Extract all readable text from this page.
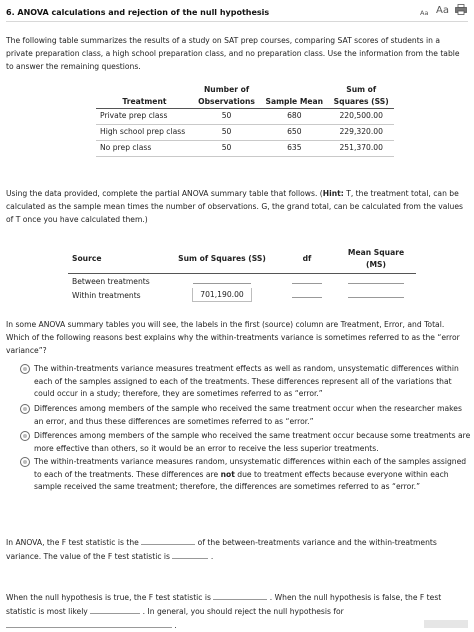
6. ANOVA calculations and rejection of the null hypothesis	Aa Aa
The following table summarizes the results of a study on SAT prep courses, comparing SAT scores of students in a private preparation class, a high school preparation class, and no preparation class. Use the information from the table to answer the remaining questions.
	Number of		Sum of
Treatment	Observations	Sample Mean	Squares (SS)
Private prep class	50	680	220,500.00
High school prep class	50	650	229,320.00
No prep class	50	635	251,370.00
Using the data provided, complete the partial ANOVA summary table that follows. (Hint: T, the treatment total, can be calculated as the sample mean times the number of observations. G, the grand total, can be calculated from the values of T once you have calculated them.)
Source	Sum of Squares (SS)	df	Mean Square (MS)
Between treatments			
Within treatments	701,190.00		
In some ANOVA summary tables you will see, the labels in the first (source) column are Treatment, Error, and Total. Which of the following reasons best explains why the within-treatments variance is sometimes referred to as the “error variance”?
The within-treatments variance measures treatment effects as well as random, unsystematic differences within each of the samples assigned to each of the treatments. These differences represent all of the variations that could occur in a study; therefore, they are sometimes referred to as “error.”
Differences among members of the sample who received the same treatment occur when the researcher makes an error, and thus these differences are sometimes referred to as “error.”
Differences among members of the sample who received the same treatment occur because some treatments are more effective than others, so it would be an error to receive the less superior treatments.
The within-treatments variance measures random, unsystematic differences within each of the samples assigned to each of the treatments. These differences are not due to treatment effects because everyone within each sample received the same treatment; therefore, the differences are sometimes referred to as “error.”
In ANOVA, the F test statistic is the	of the between-treatments variance and the within-treatments variance. The value of the F test statistic is	.
When the null hypothesis is true, the F test statistic is	. When the null hypothesis is false, the F test statistic is most likely	. In general, you should reject the null hypothesis for
.
